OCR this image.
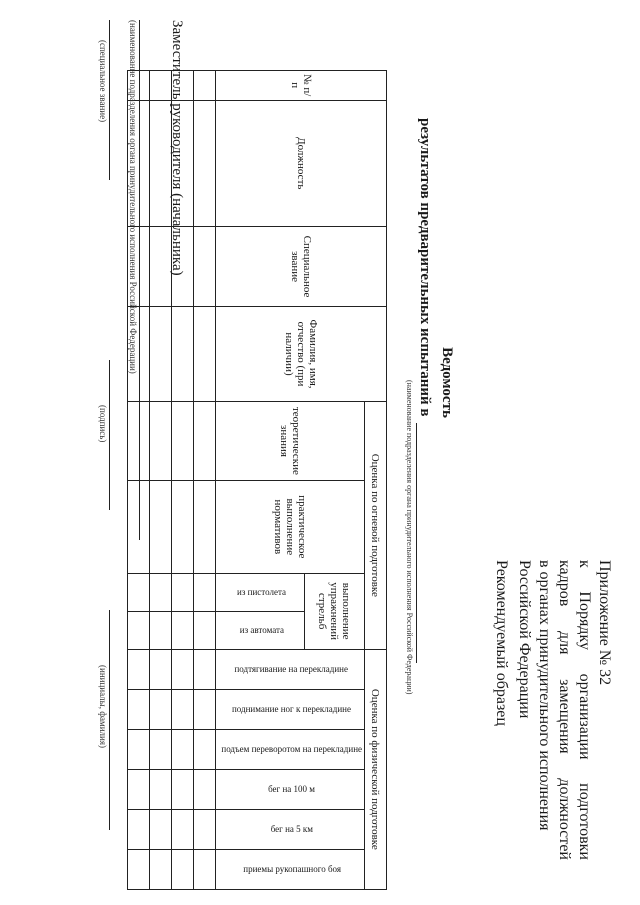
Приложение № 32
к
Порядку
организации
подготовки
кадров
для
замещения
должностей
в органах принудительного исполнения
Российской Федерации
Рекомендуемый образец
Ведомость
результатов предварительных испытаний в
(наименование подразделения органа принудительного исполнения Российской Федерации)
№ п/п	Должность	Специальное звание	Фамилия, имя, отчество (при наличии)	Оценка по огневой подготовке				Оценка по физической подготовке					
				теоретические знания	практическое выполнение нормативов	выполнение упражнений стрельб		подтягивание на перекладине	поднимание ног к перекладине	подъем переворотом на перекладине	бег на 100 м	бег на 5 км	приемы рукопашного боя
						из пистолета	из автомата						

Заместитель руководителя (начальника)
(наименование подразделения органа принудительного исполнения Российской Федерации)
(специальное звание)
(подпись)
(инициалы, фамилия)
